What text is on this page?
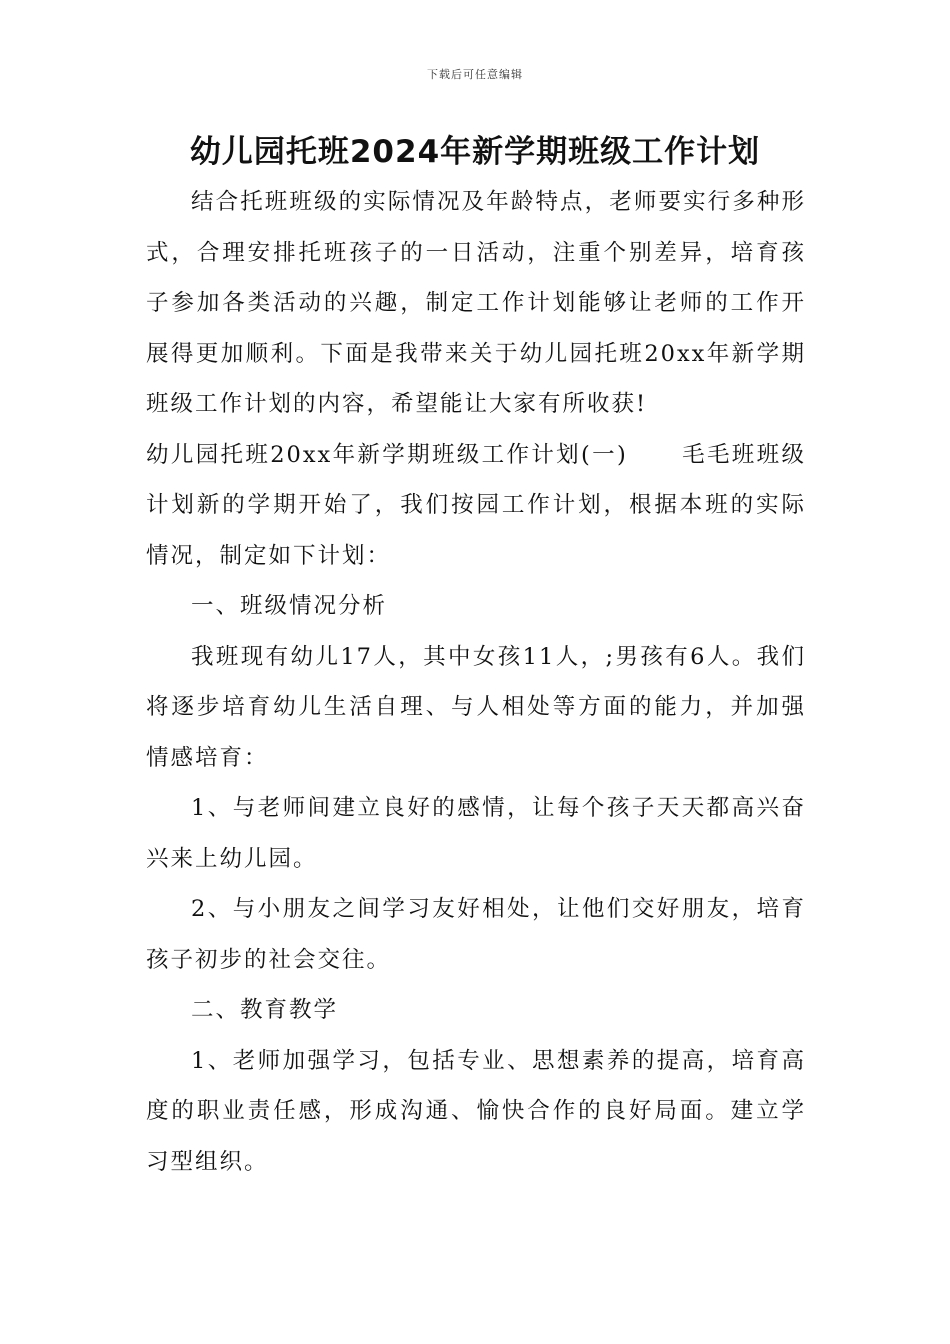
下载后可任意编辑
幼儿园托班2024年新学期班级工作计划

结合托班班级的实际情况及年龄特点，老师要实行多种形式，合理安排托班孩子的一日活动，注重个别差异，培育孩子参加各类活动的兴趣，制定工作计划能够让老师的工作开展得更加顺利。下面是我带来关于幼儿园托班20xx年新学期班级工作计划的内容，希望能让大家有所收获!

幼儿园托班20xx年新学期班级工作计划(一) 毛毛班班级计划新的学期开始了，我们按园工作计划，根据本班的实际情况，制定如下计划：

一、班级情况分析

我班现有幼儿17人，其中女孩11人，;男孩有6人。我们将逐步培育幼儿生活自理、与人相处等方面的能力，并加强情感培育：

1、与老师间建立良好的感情，让每个孩子天天都高兴奋兴来上幼儿园。

2、与小朋友之间学习友好相处，让他们交好朋友，培育孩子初步的社会交往。

二、教育教学

1、老师加强学习，包括专业、思想素养的提高，培育高度的职业责任感，形成沟通、愉快合作的良好局面。建立学习型组织。
